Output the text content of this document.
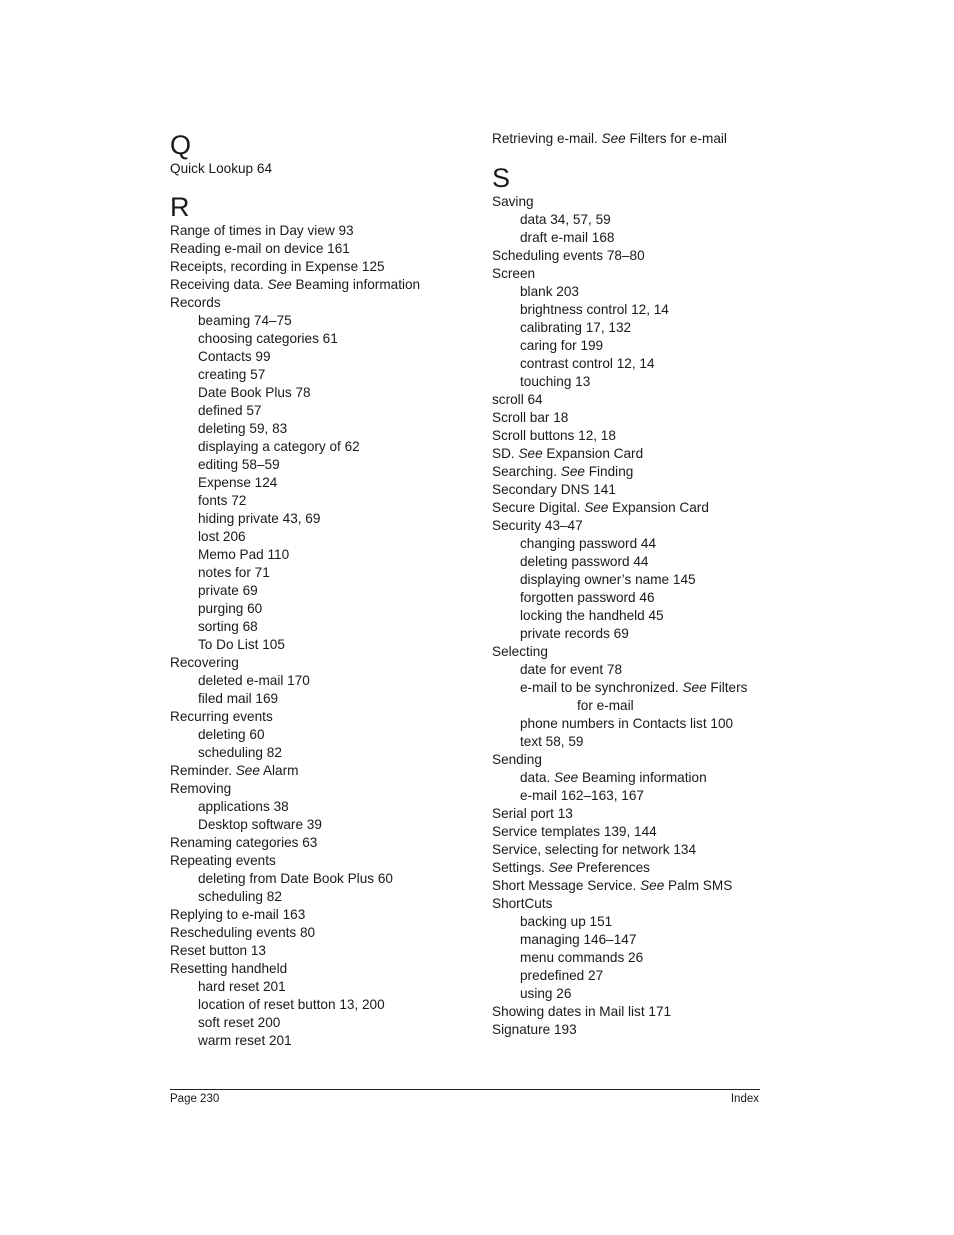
Q
Quick Lookup 64
R
Range of times in Day view 93
Reading e-mail on device 161
Receipts, recording in Expense 125
Receiving data. See Beaming information
Records
beaming 74–75
choosing categories 61
Contacts 99
creating 57
Date Book Plus 78
defined 57
deleting 59, 83
displaying a category of 62
editing 58–59
Expense 124
fonts 72
hiding private 43, 69
lost 206
Memo Pad 110
notes for 71
private 69
purging 60
sorting 68
To Do List 105
Recovering
deleted e-mail 170
filed mail 169
Recurring events
deleting 60
scheduling 82
Reminder. See Alarm
Removing
applications 38
Desktop software 39
Renaming categories 63
Repeating events
deleting from Date Book Plus 60
scheduling 82
Replying to e-mail 163
Rescheduling events 80
Reset button 13
Resetting handheld
hard reset 201
location of reset button 13, 200
soft reset 200
warm reset 201
Retrieving e-mail. See Filters for e-mail
S
Saving
data 34, 57, 59
draft e-mail 168
Scheduling events 78–80
Screen
blank 203
brightness control 12, 14
calibrating 17, 132
caring for 199
contrast control 12, 14
touching 13
scroll 64
Scroll bar 18
Scroll buttons 12, 18
SD. See Expansion Card
Searching. See Finding
Secondary DNS 141
Secure Digital. See Expansion Card
Security 43–47
changing password 44
deleting password 44
displaying owner’s name 145
forgotten password 46
locking the handheld 45
private records 69
Selecting
date for event 78
e-mail to be synchronized. See Filters
for e-mail
phone numbers in Contacts list 100
text 58, 59
Sending
data. See Beaming information
e-mail 162–163, 167
Serial port 13
Service templates 139, 144
Service, selecting for network 134
Settings. See Preferences
Short Message Service. See Palm SMS
ShortCuts
backing up 151
managing 146–147
menu commands 26
predefined 27
using 26
Showing dates in Mail list 171
Signature 193
Page 230	Index
